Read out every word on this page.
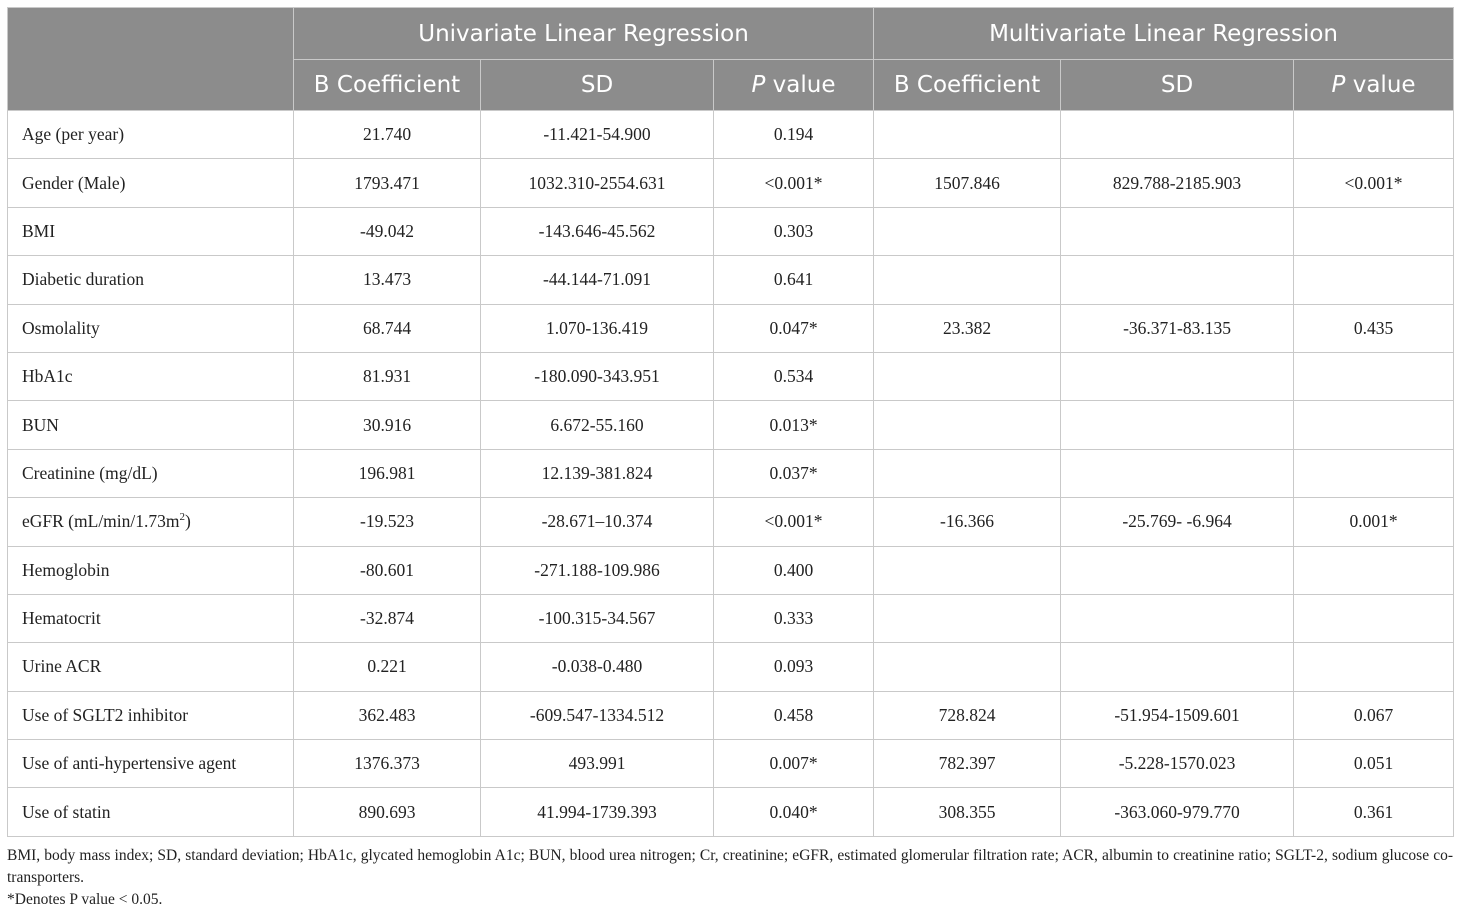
	Univariate Linear Regression			Multivariate Linear Regression		
	B Coefficient	SD	P value	B Coefficient	SD	P value
Age (per year)	21.740	-11.421-54.900	0.194			
Gender (Male)	1793.471	1032.310-2554.631	<0.001*	1507.846	829.788-2185.903	<0.001*
BMI	-49.042	-143.646-45.562	0.303			
Diabetic duration	13.473	-44.144-71.091	0.641			
Osmolality	68.744	1.070-136.419	0.047*	23.382	-36.371-83.135	0.435
HbA1c	81.931	-180.090-343.951	0.534			
BUN	30.916	6.672-55.160	0.013*			
Creatinine (mg/dL)	196.981	12.139-381.824	0.037*			
eGFR $(mL/\min/1.73m^2)$	-19.523	-28.671–10.374	<0.001*	-16.366	-25.769- -6.964	0.001*
Hemoglobin	-80.601	-271.188-109.986	0.400			
Hematocrit	-32.874	-100.315-34.567	0.333			
Urine ACR	0.221	-0.038-0.480	0.093			
Use of SGLT2 inhibitor	362.483	-609.547-1334.512	0.458	728.824	-51.954-1509.601	0.067
Use of anti-hypertensive agent	1376.373	493.991	0.007*	782.397	-5.228-1570.023	0.051
Use of statin	890.693	41.994-1739.393	0.040*	308.355	-363.060-979.770	0.361
BMI, body mass index; SD, standard deviation; HbA1c, glycated hemoglobin A1c; BUN, blood urea nitrogen; Cr, creatinine; eGFR, estimated glomerular filtration rate; ACR, albumin to creatinine ratio; SGLT-2, sodium glucose co-transporters.
*Denotes P value < 0.05.
